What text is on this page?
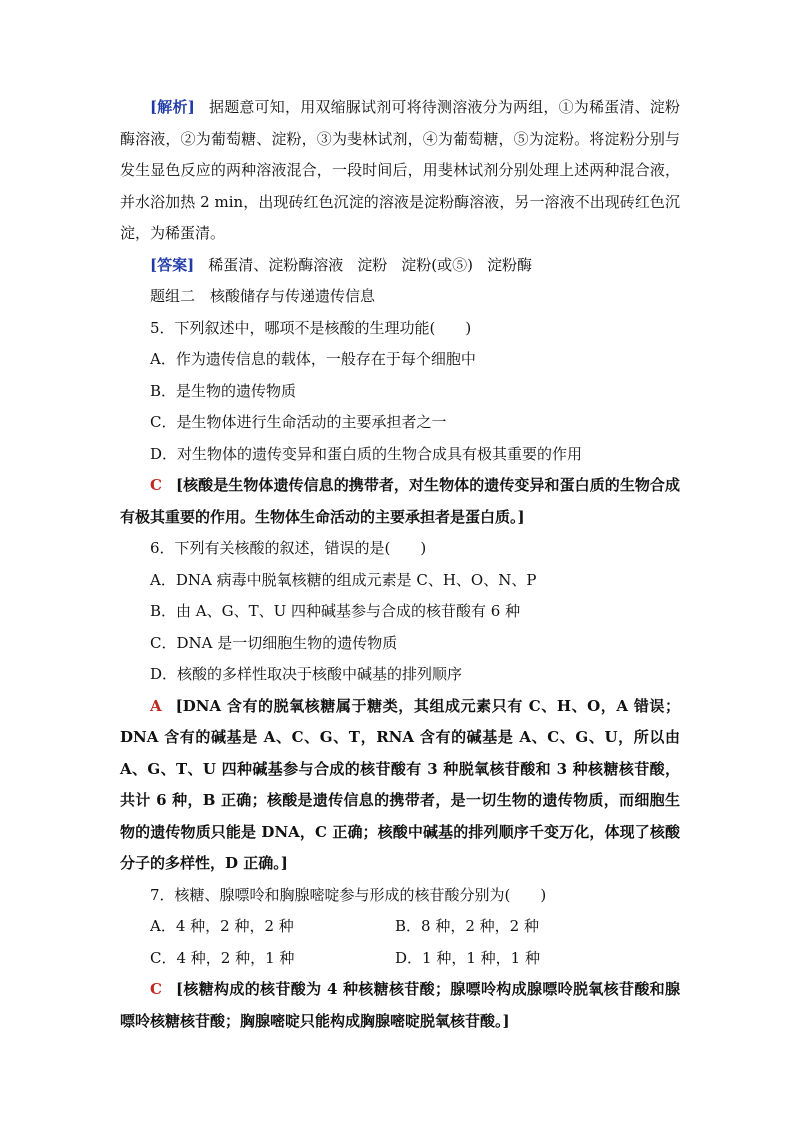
[解析] 据题意可知，用双缩脲试剂可将待测溶液分为两组，①为稀蛋清、淀粉酶溶液，②为葡萄糖、淀粉，③为斐林试剂，④为葡萄糖，⑤为淀粉。将淀粉分别与发生显色反应的两种溶液混合，一段时间后，用斐林试剂分别处理上述两种混合液，并水浴加热 2 min，出现砖红色沉淀的溶液是淀粉酶溶液，另一溶液不出现砖红色沉淀，为稀蛋清。

[答案] 稀蛋清、淀粉酶溶液 淀粉 淀粉(或⑤) 淀粉酶

题组二　核酸储存与传递遗传信息

5．下列叙述中，哪项不是核酸的生理功能(　　)

A．作为遗传信息的载体，一般存在于每个细胞中

B．是生物的遗传物质

C．是生物体进行生命活动的主要承担者之一

D．对生物体的遗传变异和蛋白质的生物合成具有极其重要的作用

C [核酸是生物体遗传信息的携带者，对生物体的遗传变异和蛋白质的生物合成有极其重要的作用。生物体生命活动的主要承担者是蛋白质。]

6．下列有关核酸的叙述，错误的是(　　)

A．DNA 病毒中脱氧核糖的组成元素是 C、H、O、N、P

B．由 A、G、T、U 四种碱基参与合成的核苷酸有 6 种

C．DNA 是一切细胞生物的遗传物质

D．核酸的多样性取决于核酸中碱基的排列顺序

A [DNA 含有的脱氧核糖属于糖类，其组成元素只有 C、H、O，A 错误；DNA 含有的碱基是 A、C、G、T，RNA 含有的碱基是 A、C、G、U，所以由 A、G、T、U 四种碱基参与合成的核苷酸有 3 种脱氧核苷酸和 3 种核糖核苷酸，共计 6 种，B 正确；核酸是遗传信息的携带者，是一切生物的遗传物质，而细胞生物的遗传物质只能是 DNA，C 正确；核酸中碱基的排列顺序千变万化，体现了核酸分子的多样性，D 正确。]

7．核糖、腺嘌呤和胸腺嘧啶参与形成的核苷酸分别为(　　)

A．4 种，2 种，2 种	B．8 种，2 种，2 种
C．4 种，2 种，1 种	D．1 种，1 种，1 种

C [核糖构成的核苷酸为 4 种核糖核苷酸；腺嘌呤构成腺嘌呤脱氧核苷酸和腺嘌呤核糖核苷酸；胸腺嘧啶只能构成胸腺嘧啶脱氧核苷酸。]
